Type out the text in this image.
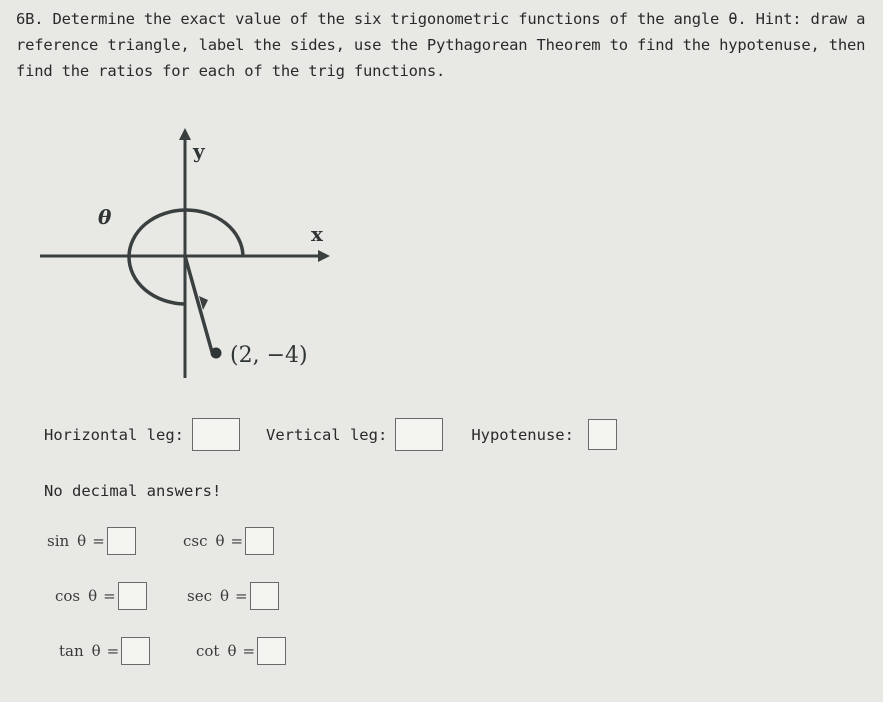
6B. Determine the exact value of the six trigonometric functions of the angle θ. Hint: draw a reference triangle, label the sides, use the Pythagorean Theorem to find the hypotenuse, then find the ratios for each of the trig functions.
y
x
θ
(2, −4)
Horizontal leg:	Vertical leg:	Hypotenuse:
No decimal answers!
sin θ =	csc θ =
cos θ =	sec θ =
tan θ =	cot θ =
